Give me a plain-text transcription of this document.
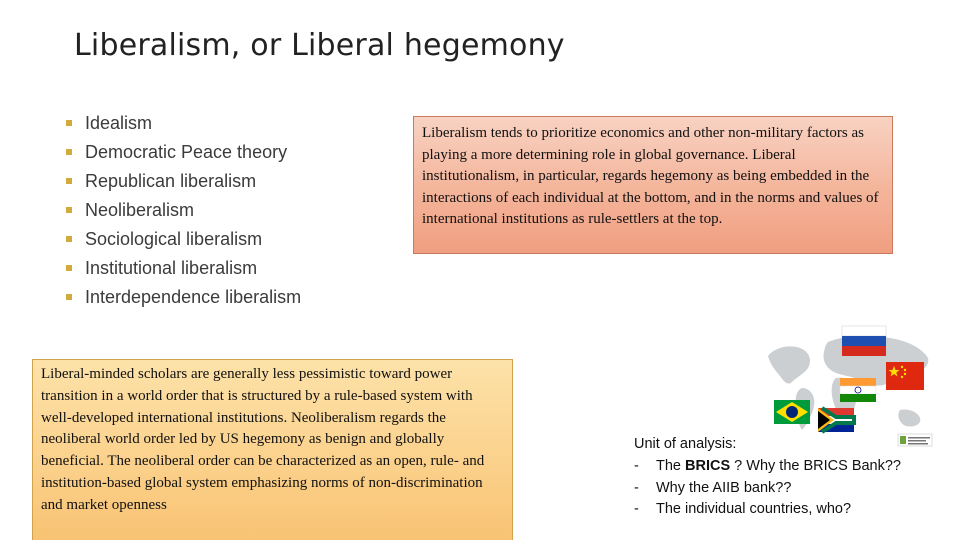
Liberalism, or Liberal hegemony
Idealism
Democratic Peace theory
Republican liberalism
Neoliberalism
Sociological liberalism
Institutional liberalism
Interdependence liberalism
Liberalism tends to prioritize economics and other non-military factors as playing a more determining role in global governance. Liberal institutionalism, in particular, regards hegemony as being embedded in the interactions of each individual at the bottom, and in the norms and values of international institutions as rule-settlers at the top.
Liberal-minded scholars are generally less pessimistic toward power transition in a world order that is structured by a rule-based system with well-developed international institutions. Neoliberalism regards the neoliberal world order led by US hegemony as benign and globally beneficial. The neoliberal order can be characterized as an open, rule- and institution-based global system emphasizing norms of non-discrimination and market openness
Unit of analysis:
- The BRICS ? Why the BRICS Bank??
- Why the AIIB bank??
- The individual countries, who?
